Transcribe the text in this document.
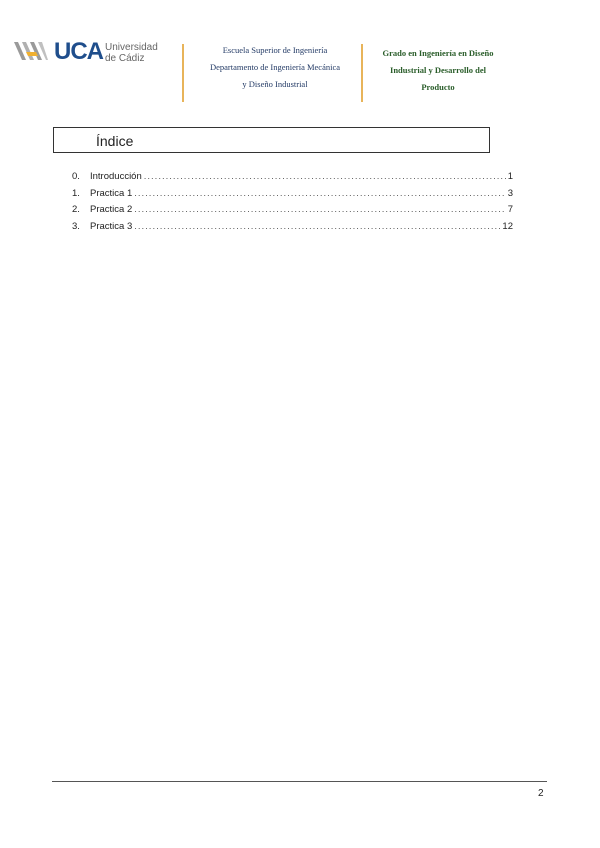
UCA Universidad
de Cádiz
Escuela Superior de Ingeniería
Departamento de Ingeniería Mecánica
y Diseño Industrial
Grado en Ingeniería en Diseño
Industrial y Desarrollo del
Producto
Índice
0.	Introducción .....	1
1.	Practica 1 .....	3
2.	Practica 2 .....	7
3.	Practica 3 .....	12
2
